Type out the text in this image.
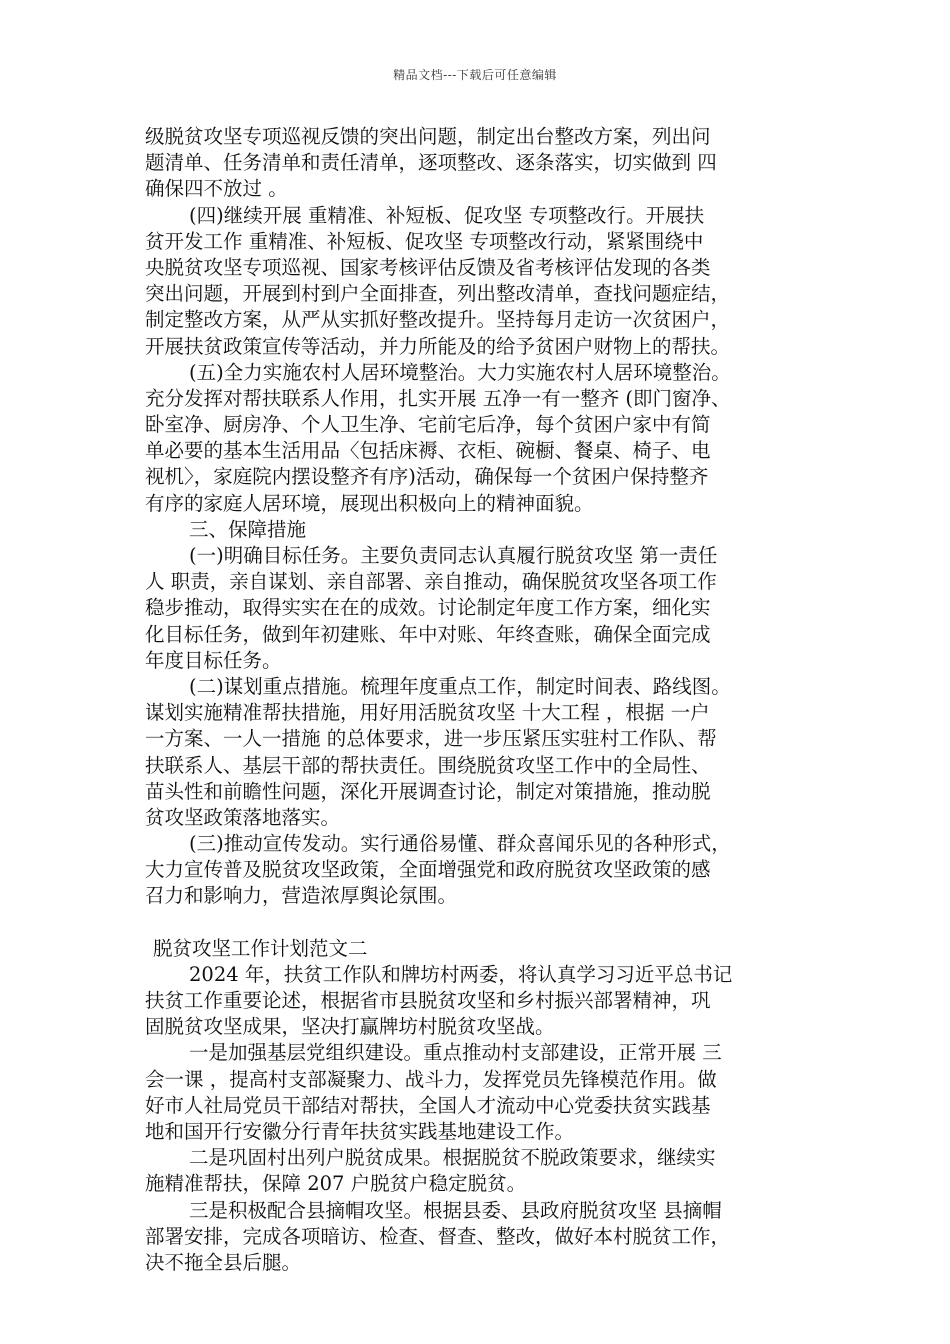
精品文档---下载后可任意编辑
级脱贫攻坚专项巡视反馈的突出问题，制定出台整改方案，列出问
题清单、任务清单和责任清单，逐项整改、逐条落实，切实做到 四
确保四不放过 。
(四)继续开展 重精准、补短板、促攻坚 专项整改行。开展扶
贫开发工作 重精准、补短板、促攻坚 专项整改行动，紧紧围绕中
央脱贫攻坚专项巡视、国家考核评估反馈及省考核评估发现的各类
突出问题，开展到村到户全面排查，列出整改清单，查找问题症结，
制定整改方案，从严从实抓好整改提升。坚持每月走访一次贫困户，
开展扶贫政策宣传等活动，并力所能及的给予贫困户财物上的帮扶。
(五)全力实施农村人居环境整治。大力实施农村人居环境整治。
充分发挥对帮扶联系人作用，扎实开展 五净一有一整齐 (即门窗净、
卧室净、厨房净、个人卫生净、宅前宅后净，每个贫困户家中有简
单必要的基本生活用品〈包括床褥、衣柜、碗橱、餐桌、椅子、电
视机〉，家庭院内摆设整齐有序)活动，确保每一个贫困户保持整齐
有序的家庭人居环境，展现出积极向上的精神面貌。
三、保障措施
(一)明确目标任务。主要负责同志认真履行脱贫攻坚 第一责任
人 职责，亲自谋划、亲自部署、亲自推动，确保脱贫攻坚各项工作
稳步推动，取得实实在在的成效。讨论制定年度工作方案，细化实
化目标任务，做到年初建账、年中对账、年终查账，确保全面完成
年度目标任务。
(二)谋划重点措施。梳理年度重点工作，制定时间表、路线图。
谋划实施精准帮扶措施，用好用活脱贫攻坚 十大工程 ，根据 一户
一方案、一人一措施 的总体要求，进一步压紧压实驻村工作队、帮
扶联系人、基层干部的帮扶责任。围绕脱贫攻坚工作中的全局性、
苗头性和前瞻性问题，深化开展调查讨论，制定对策措施，推动脱
贫攻坚政策落地落实。
(三)推动宣传发动。实行通俗易懂、群众喜闻乐见的各种形式，
大力宣传普及脱贫攻坚政策，全面增强党和政府脱贫攻坚政策的感
召力和影响力，营造浓厚舆论氛围。
脱贫攻坚工作计划范文二
2024 年，扶贫工作队和牌坊村两委，将认真学习习近平总书记
扶贫工作重要论述，根据省市县脱贫攻坚和乡村振兴部署精神，巩
固脱贫攻坚成果，坚决打赢牌坊村脱贫攻坚战。
一是加强基层党组织建设。重点推动村支部建设，正常开展 三
会一课 ，提高村支部凝聚力、战斗力，发挥党员先锋模范作用。做
好市人社局党员干部结对帮扶，全国人才流动中心党委扶贫实践基
地和国开行安徽分行青年扶贫实践基地建设工作。
二是巩固村出列户脱贫成果。根据脱贫不脱政策要求，继续实
施精准帮扶，保障 207 户脱贫户稳定脱贫。
三是积极配合县摘帽攻坚。根据县委、县政府脱贫攻坚 县摘帽
部署安排，完成各项暗访、检查、督查、整改，做好本村脱贫工作，
决不拖全县后腿。
